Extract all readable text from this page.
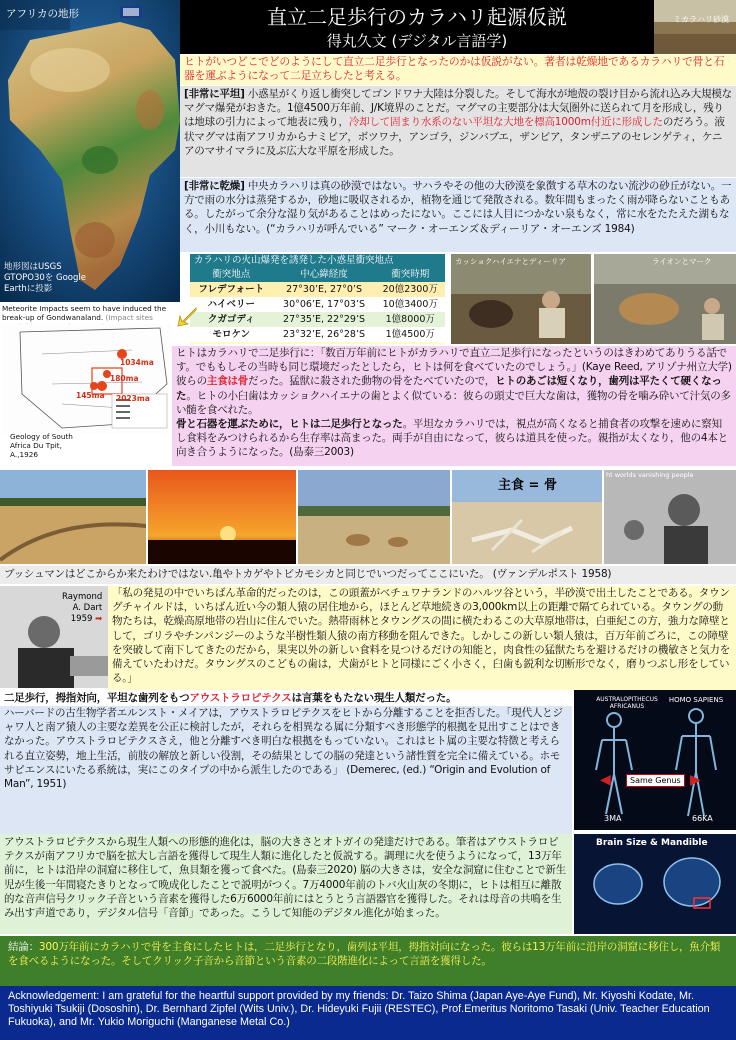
アフリカの地形
地形図はUSGS GTOPO30を Google Earthに投影
直立二足歩行のカラハリ起源仮説
得丸久文 (デジタル言語学)
ミカラハリ砂漠
ヒトがいつどこでどのようにして直立二足歩行となったのかは仮説がない。著者は乾燥地であるカラハリで骨と石器を運ぶようになって二足立ちしたと考える。
[非常に平坦] 小惑星がくり返し衝突してゴンドワナ大陸は分裂した。そして海水が地殻の裂け目から流れ込み大規模なマグマ爆発がおきた。1億4500万年前、J/K境界のことだ。マグマの主要部分は大気圏外に送られて月を形成し，残りは地球の引力によって地表に残り，冷却して固まり水系のない平坦な大地を標高1000m付近に形成したのだろう。液状マグマは南アフリカからナミビア，ボツワナ，アンゴラ，ジンバブエ，ザンビア，タンザニアのセレンゲティ，ケニアのマサイマラに及ぶ広大な平原を形成した。
[非常に乾燥] 中央カラハリは真の砂漠ではない。サハラやその他の大砂漠を象徴する草木のない流沙の砂丘がない。一方で雨の水分は蒸発するか，砂地に吸収されるか，植物を通じて発散される。数年間もまったく雨が降らないこともある。したがって余分な湿り気があることはめったにない。ここには人目につかない泉もなく，常に水をたたえた湖もなく，小川もない。(“カラハリが呼んでいる” マーク・オーエンズ＆ディーリア・オーエンズ 1984)
カラハリの火山爆発を誘発した小惑星衝突地点
衝突地点	中心緯経度	衝突時期
フレデフォート	27°30’E, 27°0’S	20億2300万
ハイベリー	30°06’E, 17°03’S	10億3400万
クガゴディ	27°35’E, 22°29’S	1億8000万
モロケン	23°32’E, 26°28’S	1億4500万
カッショクハイエナとディーリア	ライオンとマーク
Meteorite Impacts seem to have induced the break-up of Gondwanaland. (Impact sites
1034ma
180ma
145ma 2023ma
Geology of South Africa Du Tpit, A.,1926
ヒトはカラハリで二足歩行に：「数百万年前にヒトがカラハリで直立二足歩行になったというのはきわめてありうる話です。でももしその当時も同じ環境だったとしたら，ヒトは何を食べていたのでしょう。」(Kaye Reed, アリゾナ州立大学) 彼らの主食は骨だった。猛獣に殺された動物の骨をたべていたので，ヒトのあごは短くなり，歯列は平たくて硬くなった。ヒトの小臼歯はカッショクハイエナの歯とよく似ている：彼らの頭丈で巨大な歯は，獲物の骨を噛み砕いて汁気の多い髄を食べれた。
骨と石器を運ぶために，ヒトは二足歩行となった。平坦なカラハリでは，視点が高くなると捕食者の攻撃を速めに察知し食料をみつけられるから生存率は高まった。両手が自由になって，彼らは道具を使った。親指が太くなり，他の4本と向き合うようになった。(島泰三2003)
主食 = 骨
ht worlds vanishing people
ブッシュマンはどこからか来たわけではない.亀やトカゲやトビカモシカと同じでいつだってここにいた。 (ヴァンデルポスト 1958)
Raymond
A. Dart
1959 ➡
「私の発見の中でいちばん革命的だったのは，この頭蓋がベチュワナランドのハルツ谷という，半砂漠で出土したことである。タウングチャイルドは，いちばん近い今の類人猿の居住地から，ほとんど草地続きの3,000km以上の距離で隔てられている。タウングの動物たちは，乾燥高原地帯の岩山に住んでいた。熱帯雨林とタウングスの間に横たわるこの大草原地帯は，白亜紀この方，強力な障壁として，ゴリラやチンパンジーのような半樹性類人猿の南方移動を阻んできた。しかしこの新しい類人猿は，百万年前ごろに，この障壁を突破して南下してきたのだから，果実以外の新しい食料を見つけるだけの知能と，肉食性の猛獣たちを避けるだけの機敏さと気力を備えていたわけだ。タウングスのこどもの歯は，犬歯がヒトと同様にごく小さく，臼歯も鋭利な切断形でなく，磨りつぶし形をしている。」
二足歩行，拇指対向，平坦な歯列をもつアウストラロピテクスは言葉をもたない現生人類だった。
ハーバードの古生物学者エルンスト・メイアは，アウストラロピテクスをヒトから分離することを拒否した。「現代人とジャワ人と南ア猿人の主要な差異を公正に検討したが，それらを相異なる属に分類すべき形態学的根拠を見出すことはできなかった。アウストラロピテクスさえ，他と分離すべき明白な根拠をもっていない。これはヒト属の主要な特徴と考えられる直立姿勢，地上生活，前肢の解放と新しい役割，その結果としての脳の発達という諸性質を完全に備えている。ホモサピエンスにいたる系統は，実にこのタイプの中から派生したのである」 (Demerec, (ed.) “Origin and Evolution of Man”, 1951)
AUSTRALOPITHECUS AFRICANUS
HOMO SAPIENS
Same Genus
◀	▶
3MA	66KA
アウストラロピテクスから現生人類への形態的進化は，脳の大きさとオトガイの発達だけである。筆者はアウストラロピテクスが南アフリカで脳を拡大し言語を獲得して現生人類に進化したと仮説する。調理に火を使うようになって，13万年前に，ヒトは沿岸の洞窟に移住して，魚貝類を獲って食べた。(島泰三2020) 脳の大きさは，安全な洞窟に住むことで新生児が生後一年間寝たきりとなって晩成化したことで説明がつく。7万4000年前のトバ火山灰の冬期に，ヒトは相互に離散的な音声信号クリック子音という音素を獲得した6万6000年前にはとうとう言語器官を獲得した。それは母音の共鳴を生み出す声道であり，デジタル信号「音節」であった。こうして知能のデジタル進化が始まった。
Brain Size & Mandible
結論：300万年前にカラハリで骨を主食にしたヒトは，二足歩行となり，歯列は平坦，拇指対向になった。彼らは13万年前に沿岸の洞窟に移住し，魚介類を食べるようになった。そしてクリック子音から音節という音素の二段階進化によって言語を獲得した。
Acknowledgement: I am grateful for the heartful support provided by my friends: Dr. Taizo Shima (Japan Aye-Aye Fund), Mr. Kiyoshi Kodate, Mr. Toshiyuki Tsukiji (Dososhin), Dr. Bernhard Zipfel (Wits Univ.), Dr. Hideyuki Fujii (RESTEC), Prof.Emeritus Noritomo Tasaki (Univ. Teacher Education Fukuoka), and Mr. Yukio Moriguchi (Manganese Metal Co.)
